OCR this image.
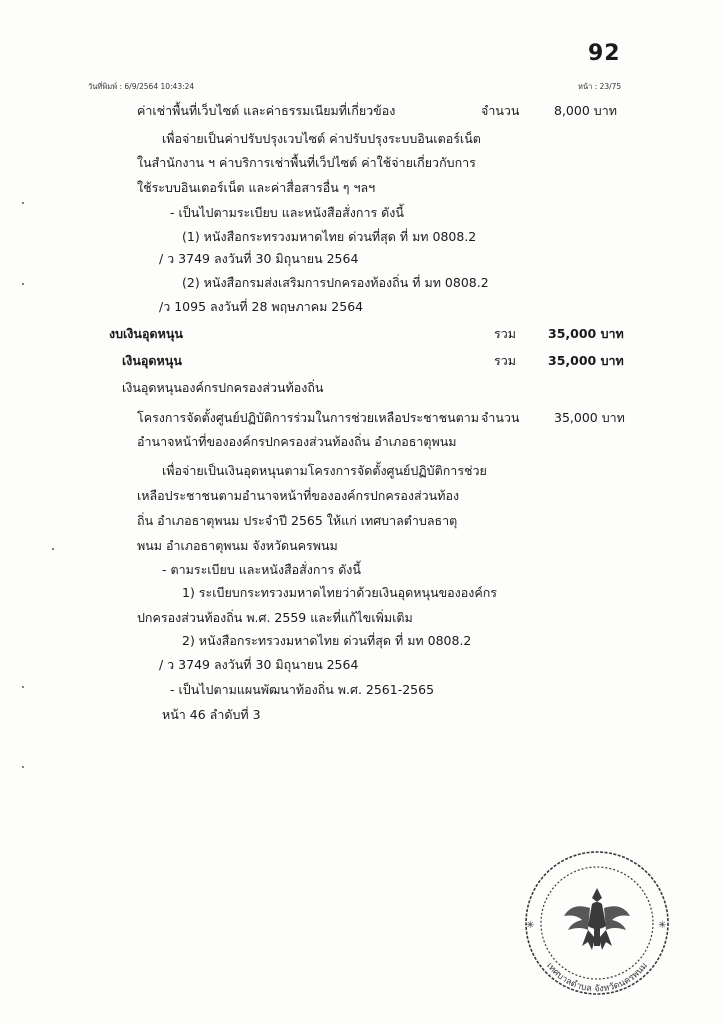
92
วันที่พิมพ์ : 6/9/2564 10:43:24	หน้า : 23/75
ค่าเช่าพื้นที่เว็บไซต์ และค่าธรรมเนียมที่เกี่ยวข้อง	จำนวน	8,000 บาท
เพื่อจ่ายเป็นค่าปรับปรุงเวบไซต์ ค่าปรับปรุงระบบอินเตอร์เน็ต
ในสำนักงาน ฯ ค่าบริการเช่าพื้นที่เว็ปไซต์ ค่าใช้จ่ายเกี่ยวกับการ
ใช้ระบบอินเตอร์เน็ต และค่าสื่อสารอื่น ๆ ฯลฯ
- เป็นไปตามระเบียบ และหนังสือสั่งการ ดังนี้
(1) หนังสือกระทรวงมหาดไทย ด่วนที่สุด ที่ มท 0808.2
/ ว 3749 ลงวันที่ 30 มิถุนายน 2564
(2) หนังสือกรมส่งเสริมการปกครองท้องถิ่น ที่ มท 0808.2
/ว 1095 ลงวันที่ 28 พฤษภาคม 2564
งบเงินอุดหนุน	รวม	35,000 บาท
เงินอุดหนุน	รวม	35,000 บาท
เงินอุดหนุนองค์กรปกครองส่วนท้องถิ่น
โครงการจัดตั้งศูนย์ปฏิบัติการร่วมในการช่วยเหลือประชาชนตาม จำนวน	35,000 บาท
อำนาจหน้าที่ขององค์กรปกครองส่วนท้องถิ่น อำเภอธาตุพนม
เพื่อจ่ายเป็นเงินอุดหนุนตามโครงการจัดตั้งศูนย์ปฏิบัติการช่วย
เหลือประชาชนตามอำนาจหน้าที่ขององค์กรปกครองส่วนท้อง
ถิ่น อำเภอธาตุพนม ประจำปี 2565 ให้แก่ เทศบาลตำบลธาตุ
พนม อำเภอธาตุพนม จังหวัดนครพนม
- ตามระเบียบ และหนังสือสั่งการ ดังนี้
1) ระเบียบกระทรวงมหาดไทยว่าด้วยเงินอุดหนุนขององค์กร
ปกครองส่วนท้องถิ่น พ.ศ. 2559 และที่แก้ไขเพิ่มเติม
2) หนังสือกระทรวงมหาดไทย ด่วนที่สุด ที่ มท 0808.2
/ ว 3749 ลงวันที่ 30 มิถุนายน 2564
- เป็นไปตามแผนพัฒนาท้องถิ่น พ.ศ. 2561-2565
หน้า 46 ลำดับที่ 3
เทศบาลตำบล จังหวัดนครพนม
✳	✳
